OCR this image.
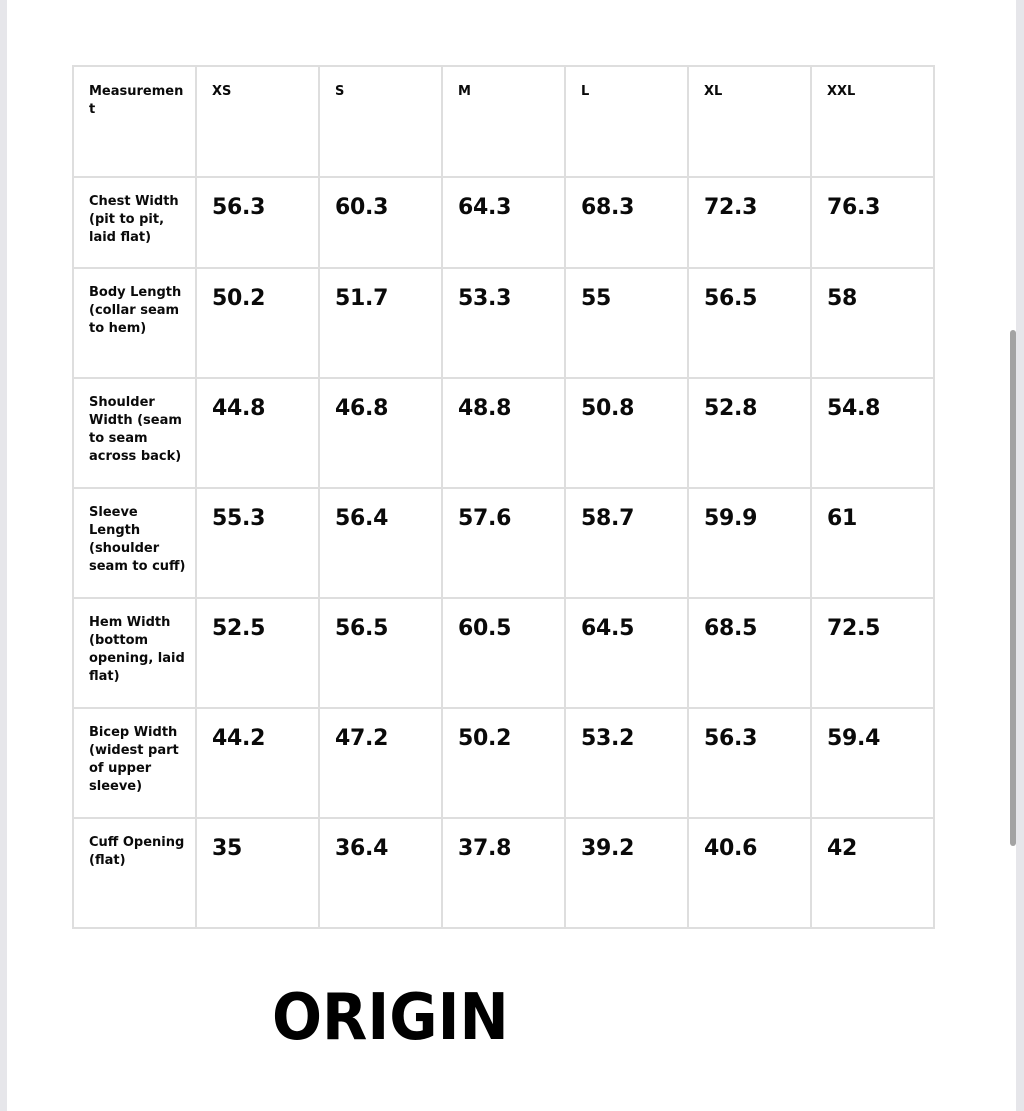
Measurement	XS	S	M	L	XL	XXL
Chest Width (pit to pit, laid flat)	56.3	60.3	64.3	68.3	72.3	76.3
Body Length (collar seam to hem)	50.2	51.7	53.3	55	56.5	58
Shoulder Width (seam to seam across back)	44.8	46.8	48.8	50.8	52.8	54.8
Sleeve Length (shoulder seam to cuff)	55.3	56.4	57.6	58.7	59.9	61
Hem Width (bottom opening, laid flat)	52.5	56.5	60.5	64.5	68.5	72.5
Bicep Width (widest part of upper sleeve)	44.2	47.2	50.2	53.2	56.3	59.4
Cuff Opening (flat)	35	36.4	37.8	39.2	40.6	42
ORIGIN
